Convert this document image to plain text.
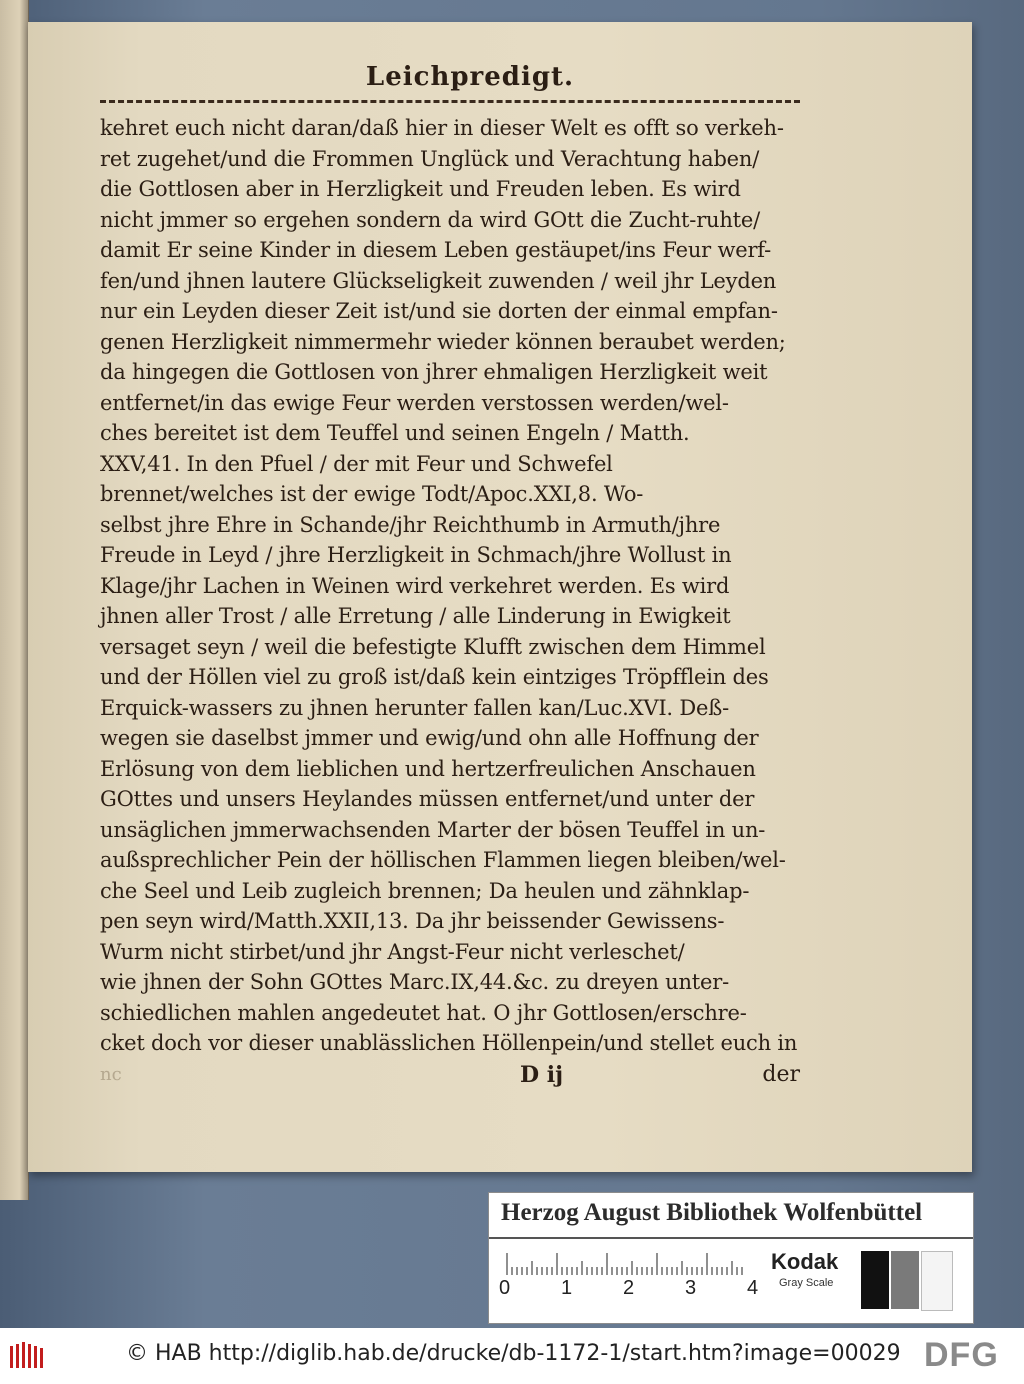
Leichpredigt.
kehret euch nicht daran/daß hier in dieser Welt es offt so verkeh-
ret zugehet/und die Frommen Unglück und Verachtung haben/
die Gottlosen aber in Herzligkeit und Freuden leben. Es wird
nicht jmmer so ergehen sondern da wird GOtt die Zucht-ruhte/
damit Er seine Kinder in diesem Leben gestäupet/ins Feur werf-
fen/und jhnen lautere Glückseligkeit zuwenden / weil jhr Leyden
nur ein Leyden dieser Zeit ist/und sie dorten der einmal empfan-
genen Herzligkeit nimmermehr wieder können beraubet werden;
da hingegen die Gottlosen von jhrer ehmaligen Herzligkeit weit
entfernet/in das ewige Feur werden verstossen werden/wel-
ches bereitet ist dem Teuffel und seinen Engeln / Matth.
XXV,41. In den Pfuel / der mit Feur und Schwefel
brennet/welches ist der ewige Todt/Apoc.XXI,8. Wo-
selbst jhre Ehre in Schande/jhr Reichthumb in Armuth/jhre
Freude in Leyd / jhre Herzligkeit in Schmach/jhre Wollust in
Klage/jhr Lachen in Weinen wird verkehret werden. Es wird
jhnen aller Trost / alle Erretung / alle Linderung in Ewigkeit
versaget seyn / weil die befestigte Klufft zwischen dem Himmel
und der Höllen viel zu groß ist/daß kein eintziges Tröpfflein des
Erquick-wassers zu jhnen herunter fallen kan/Luc.XVI. Deß-
wegen sie daselbst jmmer und ewig/und ohn alle Hoffnung der
Erlösung von dem lieblichen und hertzerfreulichen Anschauen
GOttes und unsers Heylandes müssen entfernet/und unter der
unsäglichen jmmerwachsenden Marter der bösen Teuffel in un-
außsprechlicher Pein der höllischen Flammen liegen bleiben/wel-
che Seel und Leib zugleich brennen; Da heulen und zähnklap-
pen seyn wird/Matth.XXII,13. Da jhr beissender Gewissens-
Wurm nicht stirbet/und jhr Angst-Feur nicht verleschet/
wie jhnen der Sohn GOttes Marc.IX,44.&c. zu dreyen unter-
schiedlichen mahlen angedeutet hat. O jhr Gottlosen/erschre-
cket doch vor dieser unablässlichen Höllenpein/und stellet euch in
nc	D ij	der
Herzog August Bibliothek Wolfenbüttel
0	1	2	3	4
Kodak
Gray Scale
© HAB http://diglib.hab.de/drucke/db-1172-1/start.htm?image=00029 DFG
